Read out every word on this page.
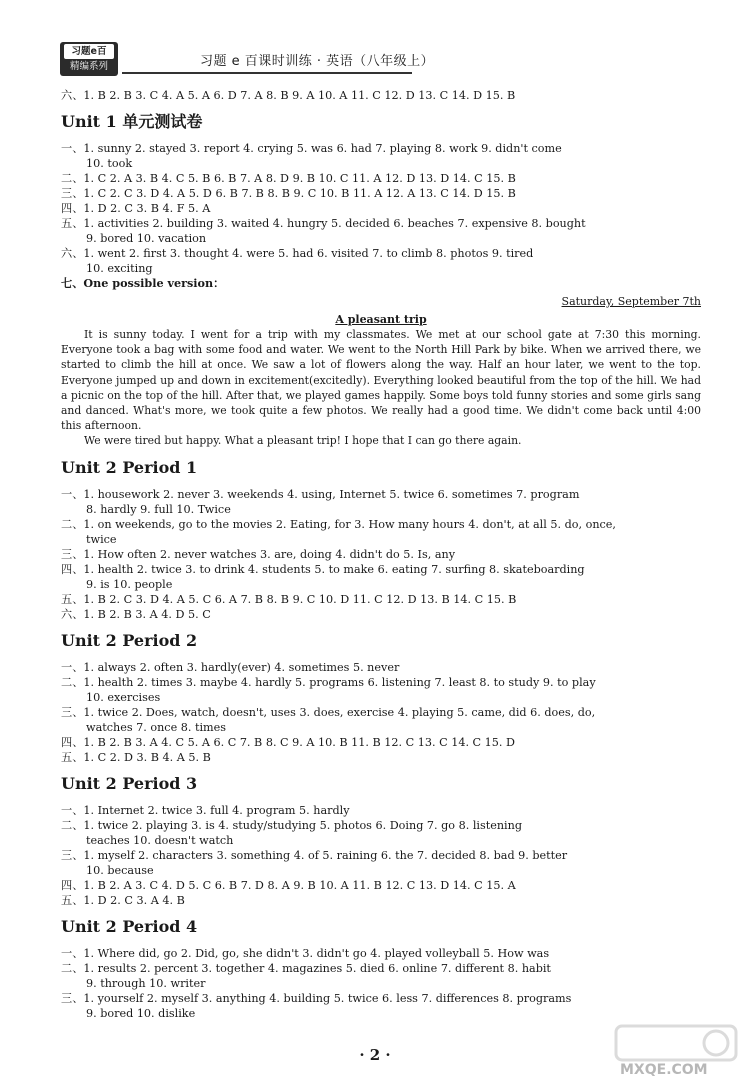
习题e百
精编系列	习题 e 百课时训练 · 英语（八年级上）
六、1. B 2. B 3. C 4. A 5. A 6. D 7. A 8. B 9. A 10. A 11. C 12. D 13. C 14. D 15. B
Unit 1 单元测试卷
一、1. sunny 2. stayed 3. report 4. crying 5. was 6. had 7. playing 8. work 9. didn't come
10. took
二、1. C 2. A 3. B 4. C 5. B 6. B 7. A 8. D 9. B 10. C 11. A 12. D 13. D 14. C 15. B
三、1. C 2. C 3. D 4. A 5. D 6. B 7. B 8. B 9. C 10. B 11. A 12. A 13. C 14. D 15. B
四、1. D 2. C 3. B 4. F 5. A
五、1. activities 2. building 3. waited 4. hungry 5. decided 6. beaches 7. expensive 8. bought
9. bored 10. vacation
六、1. went 2. first 3. thought 4. were 5. had 6. visited 7. to climb 8. photos 9. tired
10. exciting
七、One possible version：
Saturday, September 7th
A pleasant trip

It is sunny today. I went for a trip with my classmates. We met at our school gate at 7:30 this morning. Everyone took a bag with some food and water. We went to the North Hill Park by bike. When we arrived there, we started to climb the hill at once. We saw a lot of flowers along the way. Half an hour later, we went to the top. Everyone jumped up and down in excitement(excitedly). Everything looked beautiful from the top of the hill. We had a picnic on the top of the hill. After that, we played games happily. Some boys told funny stories and some girls sang and danced. What's more, we took quite a few photos. We really had a good time. We didn't come back until 4:00 this afternoon.

We were tired but happy. What a pleasant trip! I hope that I can go there again.

Unit 2 Period 1
一、1. housework 2. never 3. weekends 4. using, Internet 5. twice 6. sometimes 7. program
8. hardly 9. full 10. Twice
二、1. on weekends, go to the movies 2. Eating, for 3. How many hours 4. don't, at all 5. do, once,
twice
三、1. How often 2. never watches 3. are, doing 4. didn't do 5. Is, any
四、1. health 2. twice 3. to drink 4. students 5. to make 6. eating 7. surfing 8. skateboarding
9. is 10. people
五、1. B 2. C 3. D 4. A 5. C 6. A 7. B 8. B 9. C 10. D 11. C 12. D 13. B 14. C 15. B
六、1. B 2. B 3. A 4. D 5. C
Unit 2 Period 2
一、1. always 2. often 3. hardly(ever) 4. sometimes 5. never
二、1. health 2. times 3. maybe 4. hardly 5. programs 6. listening 7. least 8. to study 9. to play
10. exercises
三、1. twice 2. Does, watch, doesn't, uses 3. does, exercise 4. playing 5. came, did 6. does, do,
watches 7. once 8. times
四、1. B 2. B 3. A 4. C 5. A 6. C 7. B 8. C 9. A 10. B 11. B 12. C 13. C 14. C 15. D
五、1. C 2. D 3. B 4. A 5. B
Unit 2 Period 3
一、1. Internet 2. twice 3. full 4. program 5. hardly
二、1. twice 2. playing 3. is 4. study/studying 5. photos 6. Doing 7. go 8. listening
teaches 10. doesn't watch
三、1. myself 2. characters 3. something 4. of 5. raining 6. the 7. decided 8. bad 9. better
10. because
四、1. B 2. A 3. C 4. D 5. C 6. B 7. D 8. A 9. B 10. A 11. B 12. C 13. D 14. C 15. A
五、1. D 2. C 3. A 4. B
Unit 2 Period 4
一、1. Where did, go 2. Did, go, she didn't 3. didn't go 4. played volleyball 5. How was
二、1. results 2. percent 3. together 4. magazines 5. died 6. online 7. different 8. habit
9. through 10. writer
三、1. yourself 2. myself 3. anything 4. building 5. twice 6. less 7. differences 8. programs
9. bored 10. dislike
· 2 ·
MXQE.COM
